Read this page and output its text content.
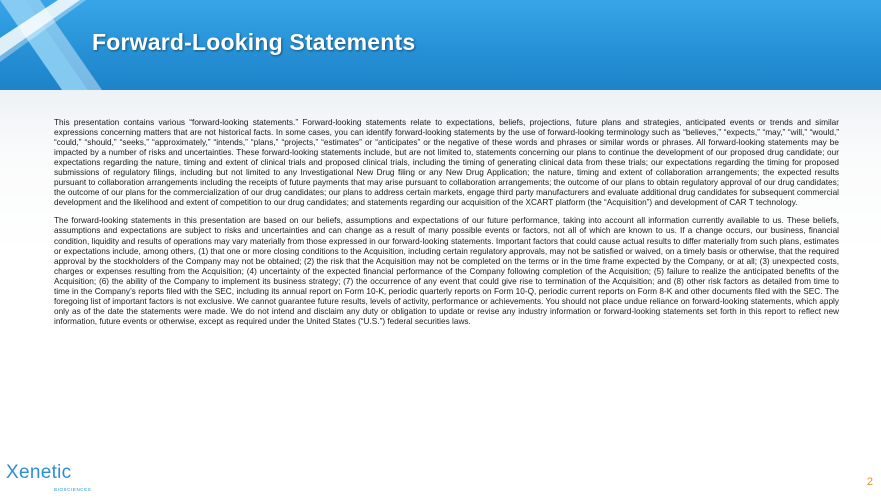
Forward-Looking Statements

This presentation contains various “forward-looking statements.” Forward-looking statements relate to expectations, beliefs, projections, future plans and strategies, anticipated events or trends and similar expressions concerning matters that are not historical facts. In some cases, you can identify forward-looking statements by the use of forward-looking terminology such as “believes,” “expects,” “may,” “will,” “would,” “could,” “should,” “seeks,” “approximately,” “intends,” “plans,” “projects,” “estimates” or “anticipates” or the negative of these words and phrases or similar words or phrases. All forward-looking statements may be impacted by a number of risks and uncertainties. These forward-looking statements include, but are not limited to, statements concerning our plans to continue the development of our proposed drug candidate; our expectations regarding the nature, timing and extent of clinical trials and proposed clinical trials, including the timing of generating clinical data from these trials; our expectations regarding the timing for proposed submissions of regulatory filings, including but not limited to any Investigational New Drug filing or any New Drug Application; the nature, timing and extent of collaboration arrangements; the expected results pursuant to collaboration arrangements including the receipts of future payments that may arise pursuant to collaboration arrangements; the outcome of our plans to obtain regulatory approval of our drug candidates; the outcome of our plans for the commercialization of our drug candidates; our plans to address certain markets, engage third party manufacturers and evaluate additional drug candidates for subsequent commercial development and the likelihood and extent of competition to our drug candidates; and statements regarding our acquisition of the XCART platform (the “Acquisition”) and development of CAR T technology.

The forward-looking statements in this presentation are based on our beliefs, assumptions and expectations of our future performance, taking into account all information currently available to us. These beliefs, assumptions and expectations are subject to risks and uncertainties and can change as a result of many possible events or factors, not all of which are known to us. If a change occurs, our business, financial condition, liquidity and results of operations may vary materially from those expressed in our forward-looking statements. Important factors that could cause actual results to differ materially from such plans, estimates or expectations include, among others, (1) that one or more closing conditions to the Acquisition, including certain regulatory approvals, may not be satisfied or waived, on a timely basis or otherwise, that the required approval by the stockholders of the Company may not be obtained; (2) the risk that the Acquisition may not be completed on the terms or in the time frame expected by the Company, or at all; (3) unexpected costs, charges or expenses resulting from the Acquisition; (4) uncertainty of the expected financial performance of the Company following completion of the Acquisition; (5) failure to realize the anticipated benefits of the Acquisition; (6) the ability of the Company to implement its business strategy; (7) the occurrence of any event that could give rise to termination of the Acquisition; and (8) other risk factors as detailed from time to time in the Company’s reports filed with the SEC, including its annual report on Form 10-K, periodic quarterly reports on Form 10-Q, periodic current reports on Form 8-K and other documents filed with the SEC. The foregoing list of important factors is not exclusive. We cannot guarantee future results, levels of activity, performance or achievements. You should not place undue reliance on forward-looking statements, which apply only as of the date the statements were made. We do not intend and disclaim any duty or obligation to update or revise any industry information or forward-looking statements set forth in this report to reflect new information, future events or otherwise, except as required under the United States (“U.S.”) federal securities laws.

Xenetic
BIOSCIENCES
2
